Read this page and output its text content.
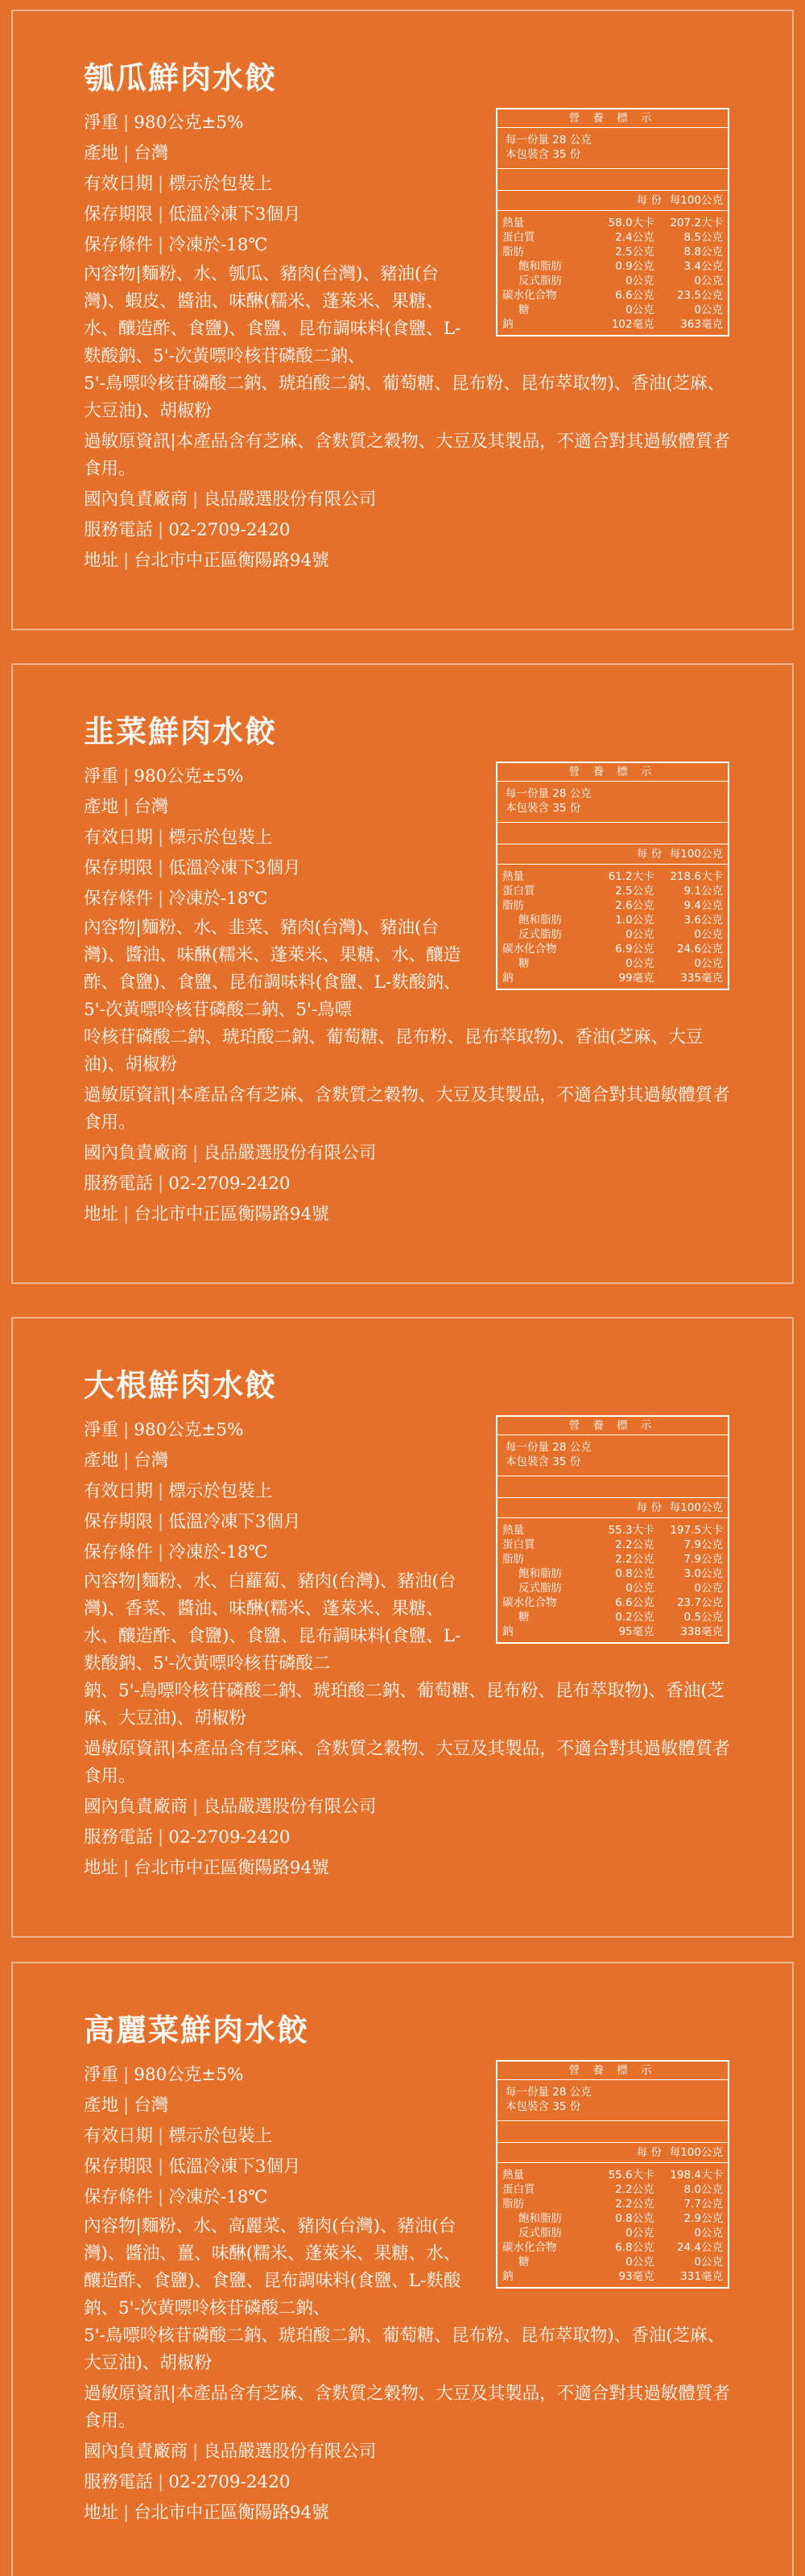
瓠瓜鮮肉水餃
淨重 | 980公克±5%
產地 | 台灣
有效日期 | 標示於包裝上
保存期限 | 低溫冷凍下3個月
保存條件 | 冷凍於-18℃
內容物|麵粉、水、瓠瓜、豬肉(台灣)、豬油(台灣)、蝦皮、醬油、味醂(糯米、蓬萊米、果糖、水、釀造酢、食鹽)、食鹽、昆布調味料(食鹽、L-麩酸鈉、5'-次黃嘌呤核苷磷酸二鈉、
5'-鳥嘌呤核苷磷酸二鈉、琥珀酸二鈉、葡萄糖、昆布粉、昆布萃取物)、香油(芝麻、大豆油)、胡椒粉
過敏原資訊|本產品含有芝麻、含麩質之穀物、大豆及其製品，不適合對其過敏體質者食用。
國內負責廠商 | 良品嚴選股份有限公司
服務電話 | 02-2709-2420
地址 | 台北市中正區衡陽路94號
營 養 標 示
每一份量 28 公克
本包裝含 35 份
每 份 每100公克
熱量	58.0大卡	207.2大卡
蛋白質	2.4公克	8.5公克
脂肪	2.5公克	8.8公克
飽和脂肪	0.9公克	3.4公克
反式脂肪	0公克	0公克
碳水化合物	6.6公克	23.5公克
糖	0公克	0公克
鈉	102毫克	363毫克
韭菜鮮肉水餃
淨重 | 980公克±5%
產地 | 台灣
有效日期 | 標示於包裝上
保存期限 | 低溫冷凍下3個月
保存條件 | 冷凍於-18℃
內容物|麵粉、水、韭菜、豬肉(台灣)、豬油(台灣)、醬油、味醂(糯米、蓬萊米、果糖、水、釀造酢、食鹽)、食鹽、昆布調味料(食鹽、L-麩酸鈉、5'-次黃嘌呤核苷磷酸二鈉、5'-鳥嘌
呤核苷磷酸二鈉、琥珀酸二鈉、葡萄糖、昆布粉、昆布萃取物)、香油(芝麻、大豆油)、胡椒粉
過敏原資訊|本產品含有芝麻、含麩質之穀物、大豆及其製品，不適合對其過敏體質者食用。
國內負責廠商 | 良品嚴選股份有限公司
服務電話 | 02-2709-2420
地址 | 台北市中正區衡陽路94號
營 養 標 示
每一份量 28 公克
本包裝含 35 份
每 份 每100公克
熱量	61.2大卡	218.6大卡
蛋白質	2.5公克	9.1公克
脂肪	2.6公克	9.4公克
飽和脂肪	1.0公克	3.6公克
反式脂肪	0公克	0公克
碳水化合物	6.9公克	24.6公克
糖	0公克	0公克
鈉	99毫克	335毫克
大根鮮肉水餃
淨重 | 980公克±5%
產地 | 台灣
有效日期 | 標示於包裝上
保存期限 | 低溫冷凍下3個月
保存條件 | 冷凍於-18℃
內容物|麵粉、水、白蘿蔔、豬肉(台灣)、豬油(台灣)、香菜、醬油、味醂(糯米、蓬萊米、果糖、水、釀造酢、食鹽)、食鹽、昆布調味料(食鹽、L-麩酸鈉、5'-次黃嘌呤核苷磷酸二
鈉、5'-鳥嘌呤核苷磷酸二鈉、琥珀酸二鈉、葡萄糖、昆布粉、昆布萃取物)、香油(芝麻、大豆油)、胡椒粉
過敏原資訊|本產品含有芝麻、含麩質之穀物、大豆及其製品，不適合對其過敏體質者食用。
國內負責廠商 | 良品嚴選股份有限公司
服務電話 | 02-2709-2420
地址 | 台北市中正區衡陽路94號
營 養 標 示
每一份量 28 公克
本包裝含 35 份
每 份 每100公克
熱量	55.3大卡	197.5大卡
蛋白質	2.2公克	7.9公克
脂肪	2.2公克	7.9公克
飽和脂肪	0.8公克	3.0公克
反式脂肪	0公克	0公克
碳水化合物	6.6公克	23.7公克
糖	0.2公克	0.5公克
鈉	95毫克	338毫克
高麗菜鮮肉水餃
淨重 | 980公克±5%
產地 | 台灣
有效日期 | 標示於包裝上
保存期限 | 低溫冷凍下3個月
保存條件 | 冷凍於-18℃
內容物|麵粉、水、高麗菜、豬肉(台灣)、豬油(台灣)、醬油、薑、味醂(糯米、蓬萊米、果糖、水、釀造酢、食鹽)、食鹽、昆布調味料(食鹽、L-麩酸鈉、5'-次黃嘌呤核苷磷酸二鈉、
5'-鳥嘌呤核苷磷酸二鈉、琥珀酸二鈉、葡萄糖、昆布粉、昆布萃取物)、香油(芝麻、大豆油)、胡椒粉
過敏原資訊|本產品含有芝麻、含麩質之穀物、大豆及其製品，不適合對其過敏體質者食用。
國內負責廠商 | 良品嚴選股份有限公司
服務電話 | 02-2709-2420
地址 | 台北市中正區衡陽路94號
營 養 標 示
每一份量 28 公克
本包裝含 35 份
每 份 每100公克
熱量	55.6大卡	198.4大卡
蛋白質	2.2公克	8.0公克
脂肪	2.2公克	7.7公克
飽和脂肪	0.8公克	2.9公克
反式脂肪	0公克	0公克
碳水化合物	6.8公克	24.4公克
糖	0公克	0公克
鈉	93毫克	331毫克
